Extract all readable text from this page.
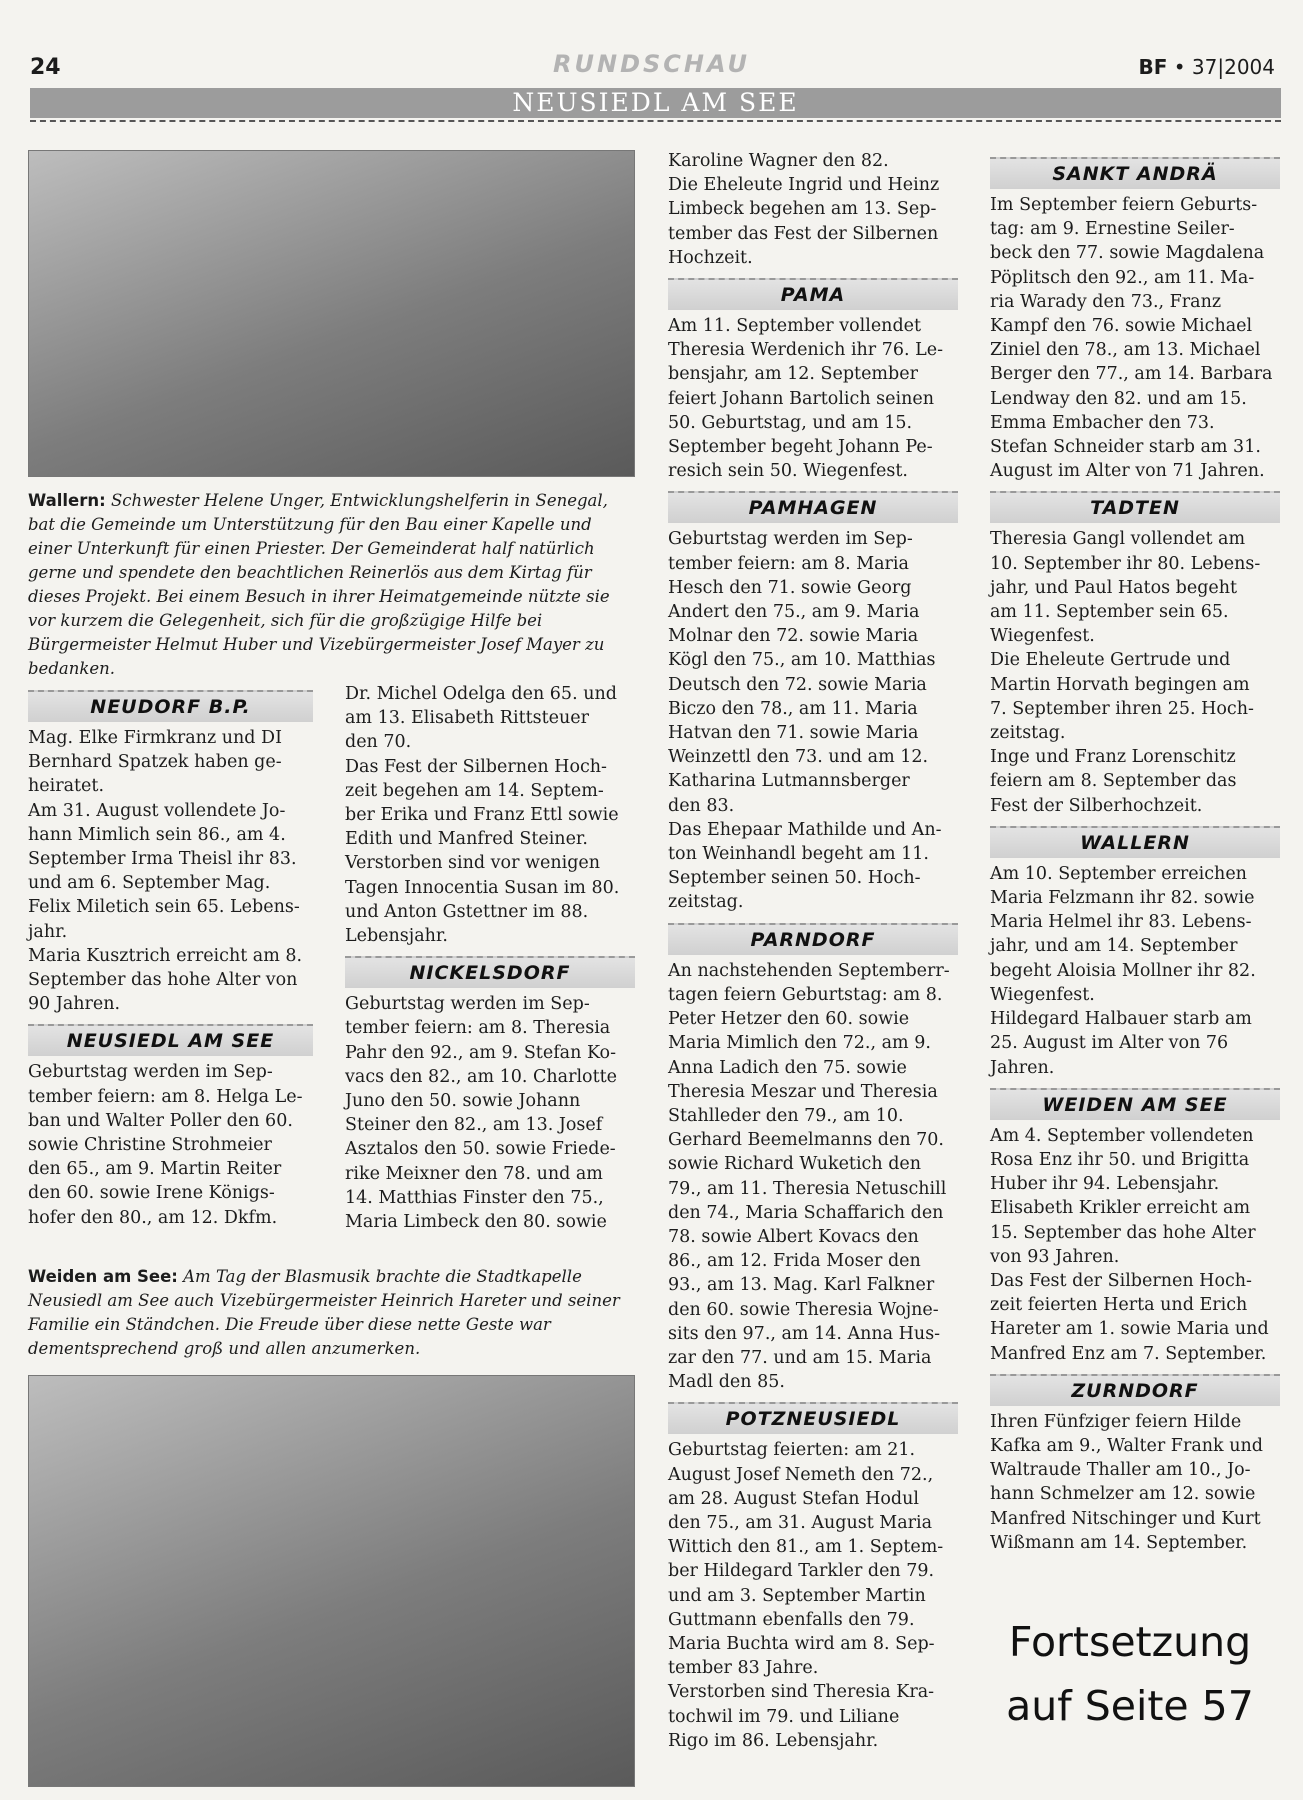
24	RUNDSCHAU	BF • 37|2004
NEUSIEDL AM SEE
Wallern: Schwester Helene Unger, Entwicklungshelferin in Senegal, bat die Gemeinde um Unterstützung für den Bau einer Kapelle und einer Unterkunft für einen Priester. Der Gemeinderat half natürlich gerne und spendete den beachtlichen Reinerlös aus dem Kirtag für dieses Projekt. Bei einem Besuch in ihrer Heimatgemeinde nützte sie vor kurzem die Gelegenheit, sich für die großzügige Hilfe bei Bürgermeister Helmut Huber und Vizebürgermeister Josef Mayer zu bedanken.
NEUDORF B.P.

Mag. Elke Firmkranz und DI
Bernhard Spatzek haben ge-
heiratet.
Am 31. August vollendete Jo-
hann Mimlich sein 86., am 4.
September Irma Theisl ihr 83.
und am 6. September Mag.
Felix Miletich sein 65. Lebens-
jahr.
Maria Kusztrich erreicht am 8.
September das hohe Alter von
90 Jahren.

NEUSIEDL AM SEE

Geburtstag werden im Sep-
tember feiern: am 8. Helga Le-
ban und Walter Poller den 60.
sowie Christine Strohmeier
den 65., am 9. Martin Reiter
den 60. sowie Irene Königs-
hofer den 80., am 12. Dkfm.

Dr. Michel Odelga den 65. und
am 13. Elisabeth Rittsteuer
den 70.
Das Fest der Silbernen Hoch-
zeit begehen am 14. Septem-
ber Erika und Franz Ettl sowie
Edith und Manfred Steiner.
Verstorben sind vor wenigen
Tagen Innocentia Susan im 80.
und Anton Gstettner im 88.
Lebensjahr.

NICKELSDORF

Geburtstag werden im Sep-
tember feiern: am 8. Theresia
Pahr den 92., am 9. Stefan Ko-
vacs den 82., am 10. Charlotte
Juno den 50. sowie Johann
Steiner den 82., am 13. Josef
Asztalos den 50. sowie Friede-
rike Meixner den 78. und am
14. Matthias Finster den 75.,
Maria Limbeck den 80. sowie

Weiden am See: Am Tag der Blasmusik brachte die Stadtkapelle Neusiedl am See auch Vizebürgermeister Heinrich Hareter und seiner Familie ein Ständchen. Die Freude über diese nette Geste war dementsprechend groß und allen anzumerken.

Karoline Wagner den 82.
Die Eheleute Ingrid und Heinz
Limbeck begehen am 13. Sep-
tember das Fest der Silbernen
Hochzeit.

PAMA

Am 11. September vollendet
Theresia Werdenich ihr 76. Le-
bensjahr, am 12. September
feiert Johann Bartolich seinen
50. Geburtstag, und am 15.
September begeht Johann Pe-
resich sein 50. Wiegenfest.

PAMHAGEN

Geburtstag werden im Sep-
tember feiern: am 8. Maria
Hesch den 71. sowie Georg
Andert den 75., am 9. Maria
Molnar den 72. sowie Maria
Kögl den 75., am 10. Matthias
Deutsch den 72. sowie Maria
Biczo den 78., am 11. Maria
Hatvan den 71. sowie Maria
Weinzettl den 73. und am 12.
Katharina Lutmannsberger
den 83.
Das Ehepaar Mathilde und An-
ton Weinhandl begeht am 11.
September seinen 50. Hoch-
zeitstag.

PARNDORF

An nachstehenden Septemberr-
tagen feiern Geburtstag: am 8.
Peter Hetzer den 60. sowie
Maria Mimlich den 72., am 9.
Anna Ladich den 75. sowie
Theresia Meszar und Theresia
Stahlleder den 79., am 10.
Gerhard Beemelmanns den 70.
sowie Richard Wuketich den
79., am 11. Theresia Netuschill
den 74., Maria Schaffarich den
78. sowie Albert Kovacs den
86., am 12. Frida Moser den
93., am 13. Mag. Karl Falkner
den 60. sowie Theresia Wojne-
sits den 97., am 14. Anna Hus-
zar den 77. und am 15. Maria
Madl den 85.

POTZNEUSIEDL

Geburtstag feierten: am 21.
August Josef Nemeth den 72.,
am 28. August Stefan Hodul
den 75., am 31. August Maria
Wittich den 81., am 1. Septem-
ber Hildegard Tarkler den 79.
und am 3. September Martin
Guttmann ebenfalls den 79.
Maria Buchta wird am 8. Sep-
tember 83 Jahre.
Verstorben sind Theresia Kra-
tochwil im 79. und Liliane
Rigo im 86. Lebensjahr.

SANKT ANDRÄ

Im September feiern Geburts-
tag: am 9. Ernestine Seiler-
beck den 77. sowie Magdalena
Pöplitsch den 92., am 11. Ma-
ria Warady den 73., Franz
Kampf den 76. sowie Michael
Ziniel den 78., am 13. Michael
Berger den 77., am 14. Barbara
Lendway den 82. und am 15.
Emma Embacher den 73.
Stefan Schneider starb am 31.
August im Alter von 71 Jahren.

TADTEN

Theresia Gangl vollendet am
10. September ihr 80. Lebens-
jahr, und Paul Hatos begeht
am 11. September sein 65.
Wiegenfest.
Die Eheleute Gertrude und
Martin Horvath begingen am
7. September ihren 25. Hoch-
zeitstag.
Inge und Franz Lorenschitz
feiern am 8. September das
Fest der Silberhochzeit.

WALLERN

Am 10. September erreichen
Maria Felzmann ihr 82. sowie
Maria Helmel ihr 83. Lebens-
jahr, und am 14. September
begeht Aloisia Mollner ihr 82.
Wiegenfest.
Hildegard Halbauer starb am
25. August im Alter von 76
Jahren.

WEIDEN AM SEE

Am 4. September vollendeten
Rosa Enz ihr 50. und Brigitta
Huber ihr 94. Lebensjahr.
Elisabeth Krikler erreicht am
15. September das hohe Alter
von 93 Jahren.
Das Fest der Silbernen Hoch-
zeit feierten Herta und Erich
Hareter am 1. sowie Maria und
Manfred Enz am 7. September.

ZURNDORF

Ihren Fünfziger feiern Hilde
Kafka am 9., Walter Frank und
Waltraude Thaller am 10., Jo-
hann Schmelzer am 12. sowie
Manfred Nitschinger und Kurt
Wißmann am 14. September.

Fortsetzung
auf Seite 57
